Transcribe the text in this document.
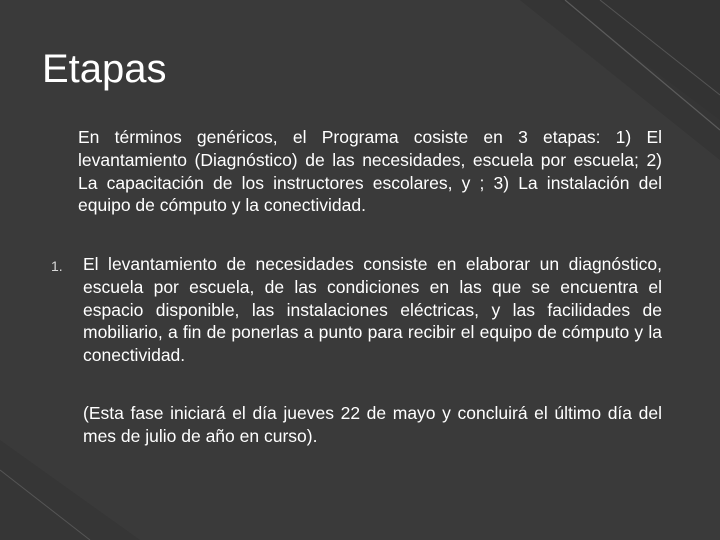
Etapas

En términos genéricos, el Programa cosiste en 3 etapas: 1) El levantamiento (Diagnóstico) de las necesidades, escuela por escuela; 2) La capacitación de los instructores escolares, y ; 3) La instalación del equipo de cómputo y la conectividad.

1. El levantamiento de necesidades consiste en elaborar un diagnóstico, escuela por escuela, de las condiciones en las que se encuentra el espacio disponible, las instalaciones eléctricas, y las facilidades de mobiliario, a fin de ponerlas a punto para recibir el equipo de cómputo y la conectividad.

(Esta fase iniciará el día jueves 22 de mayo y concluirá el último día del mes de julio de año en curso).
